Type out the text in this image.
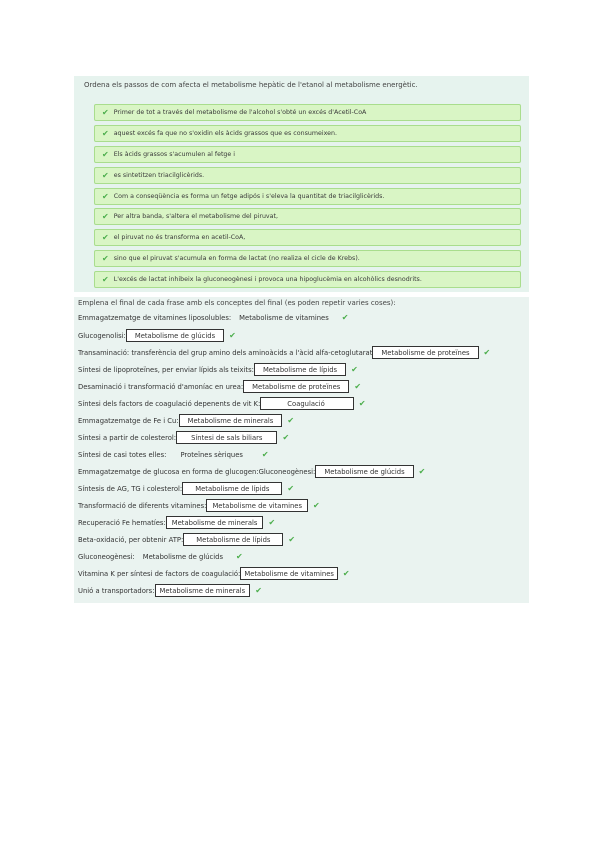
Ordena els passos de com afecta el metabolisme hepàtic de l'etanol al metabolisme energètic.
✔ Primer de tot a través del metabolisme de l'alcohol s'obté un excés d'Acetil-CoA
✔ aquest excés fa que no s'oxidin els àcids grassos que es consumeixen.
✔ Els àcids grassos s'acumulen al fetge i
✔ es sintetitzen triacilglicèrids.
✔ Com a conseqüència es forma un fetge adipós i s'eleva la quantitat de triacilglicèrids.
✔ Per altra banda, s'altera el metabolisme del piruvat,
✔ el piruvat no és transforma en acetil-CoA,
✔ sino que el piruvat s'acumula en forma de lactat (no realiza el cicle de Krebs).
✔ L'excés de lactat inhibeix la gluconeogènesi i provoca una hipoglucèmia en alcohòlics desnodrits.
Emplena el final de cada frase amb els conceptes del final (es poden repetir varies coses):
Emmagatzematge de vitamines liposolubles:	Metabolisme de vitamines	✔
Glucogenolisi:	Metabolisme de glúcids	✔
Transaminació: transferència del grup amino dels aminoàcids a l'àcid alfa-cetoglutarat	Metabolisme de proteïnes	✔
Síntesi de lipoproteïnes, per enviar lípids als teixits:	Metabolisme de lípids	✔
Desaminació i transformació d'amoníac en urea:	Metabolisme de proteïnes	✔
Síntesi dels factors de coagulació depenents de vit K:	Coagulació	✔
Emmagatzematge de Fe i Cu:	Metabolisme de minerals	✔
Síntesi a partir de colesterol:	Síntesi de sals biliars	✔
Síntesi de casi totes elles:	Proteïnes sèriques	✔
Emmagatzematge de glucosa en forma de glucogen:Gluconeogènesi:	Metabolisme de glúcids	✔
Síntesis de AG, TG i colesterol:	Metabolisme de lípids	✔
Transformació de diferents vitamines: Metabolisme de vitamines	✔
Recuperació Fe hematíes: Metabolisme de minerals	✔
Beta-oxidació, per obtenir ATP:	Metabolisme de lípids	✔
Gluconeogènesi:	Metabolisme de glúcids	✔
Vitamina K per síntesi de factors de coagulació: Metabolisme de vitamines	✔
Unió a transportadors: Metabolisme de minerals	✔
